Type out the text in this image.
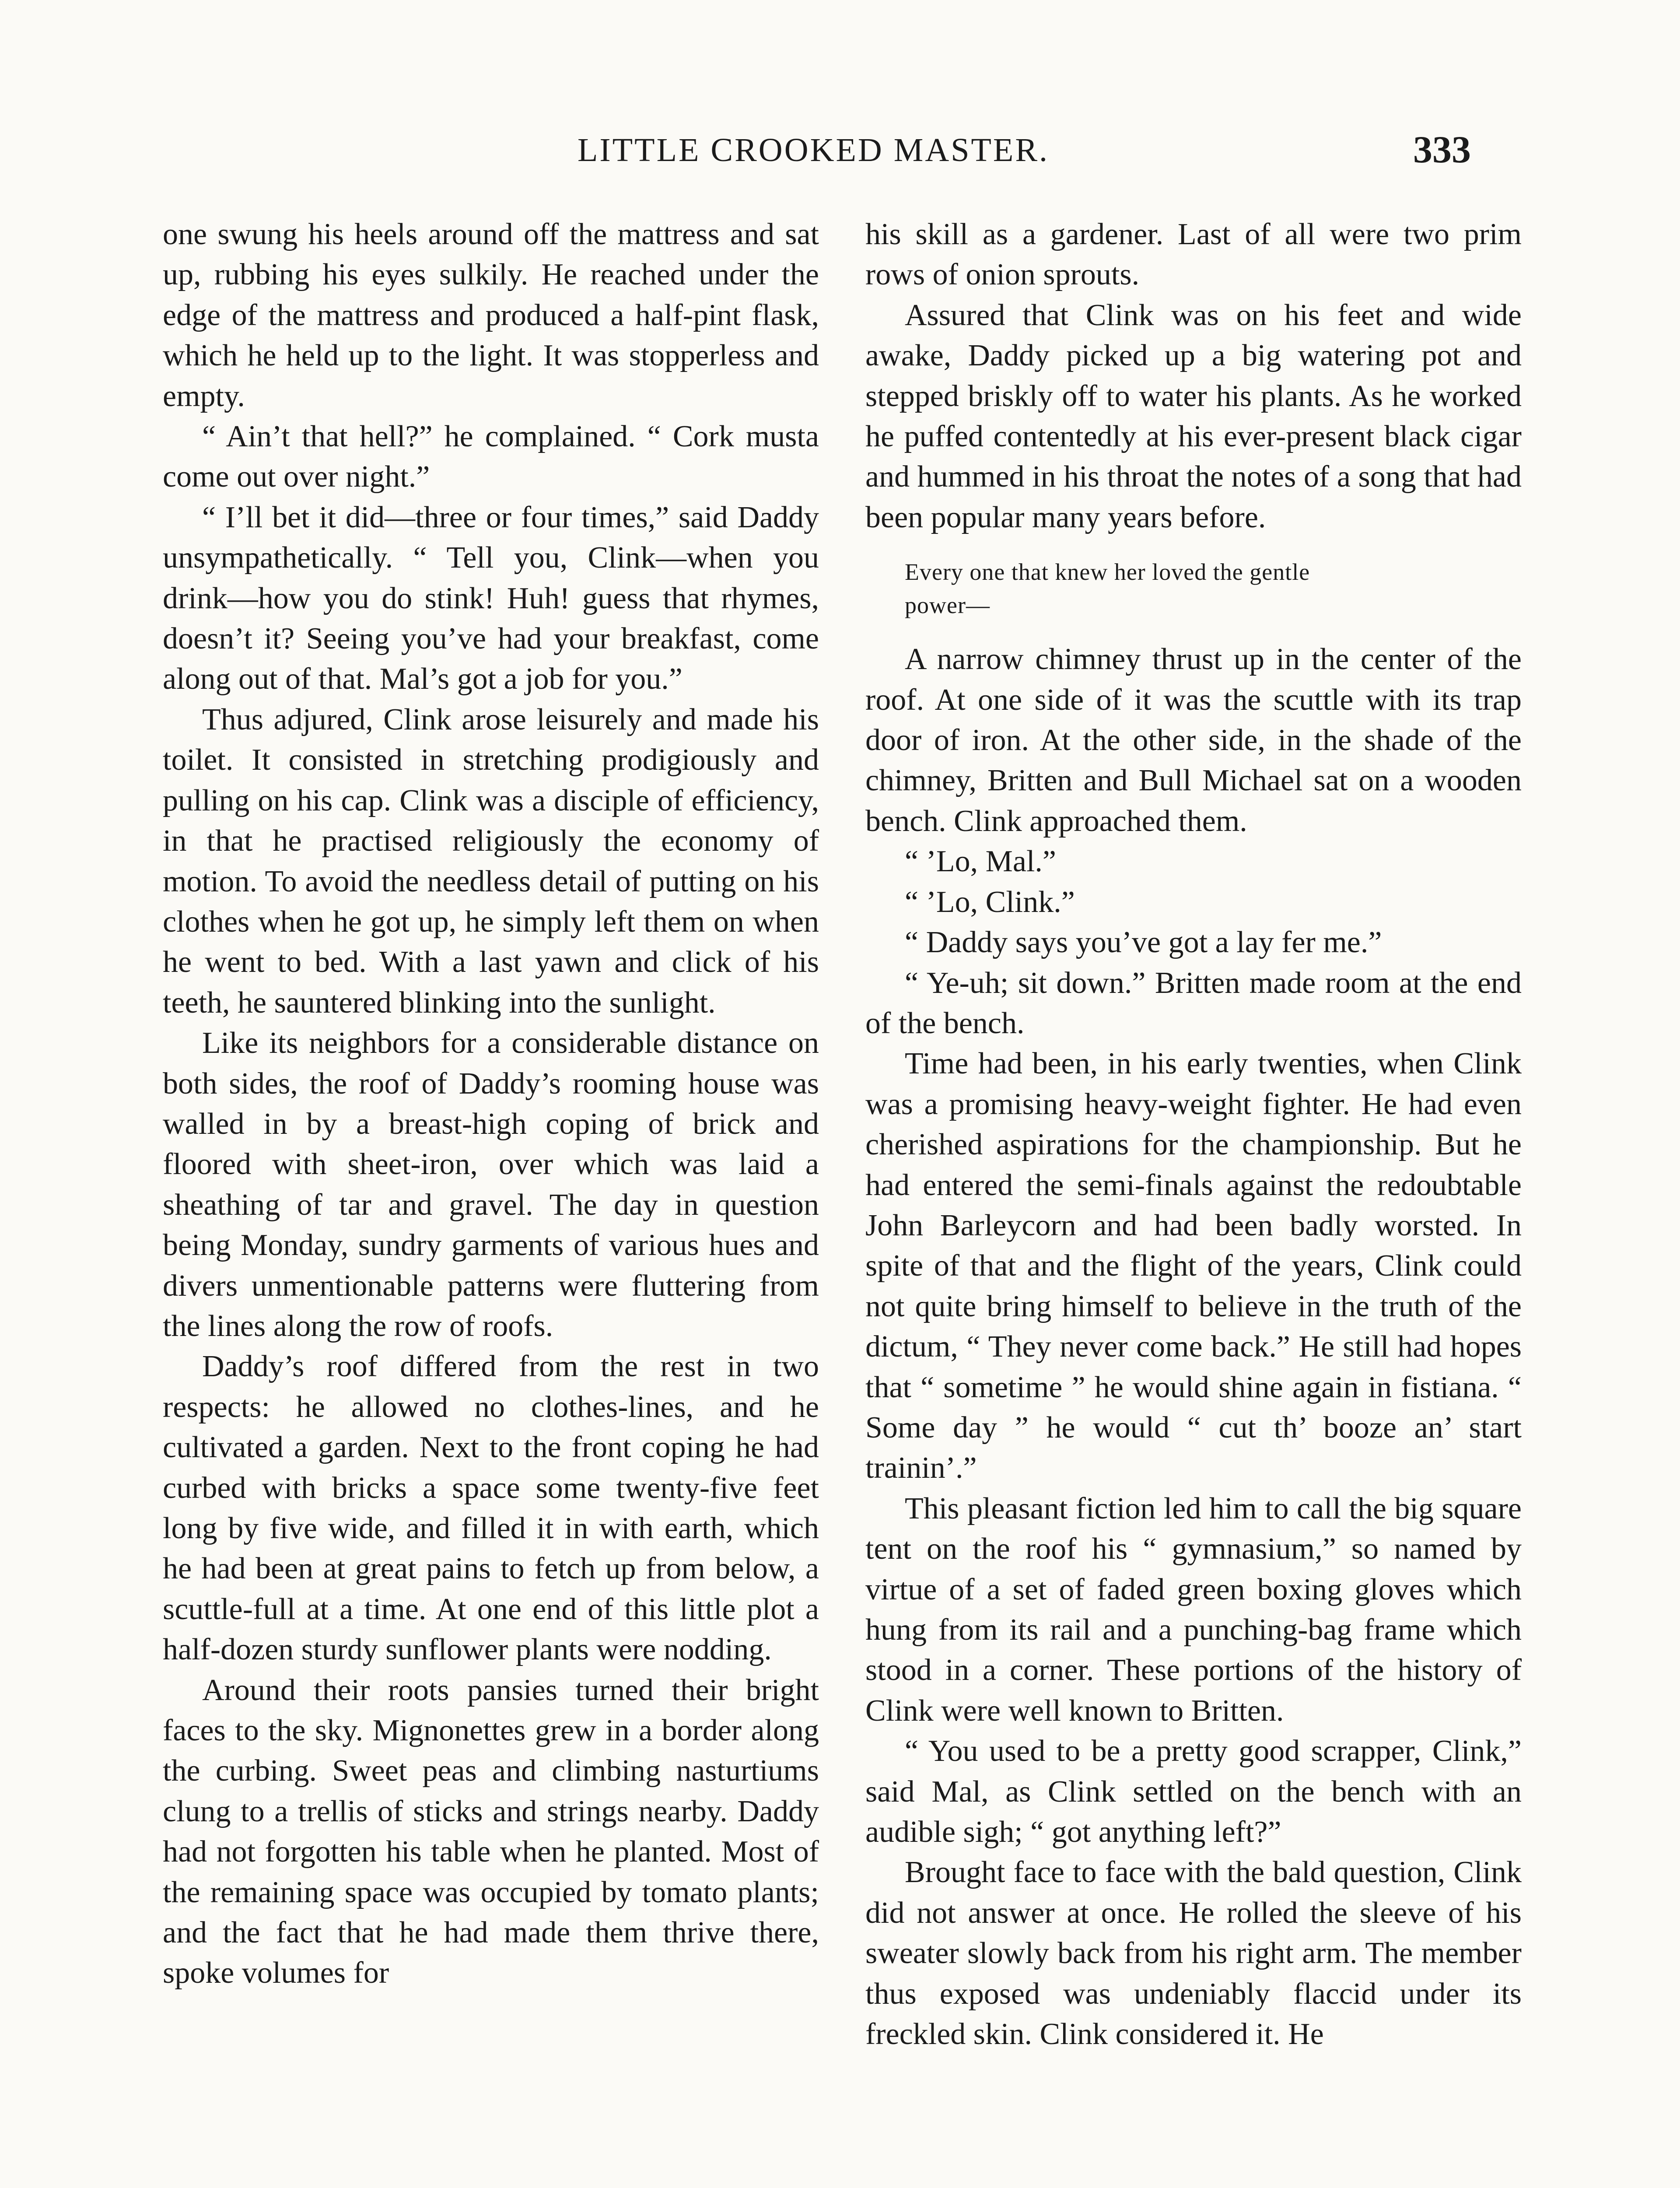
LITTLE CROOKED MASTER.	333

one swung his heels around off the mattress and sat up, rubbing his eyes sulkily. He reached under the edge of the mattress and produced a half-pint flask, which he held up to the light. It was stopperless and empty.

“ Ain’t that hell?” he complained. “ Cork musta come out over night.”

“ I’ll bet it did—three or four times,” said Daddy unsympathetically. “ Tell you, Clink—when you drink—how you do stink! Huh! guess that rhymes, doesn’t it? Seeing you’ve had your breakfast, come along out of that. Mal’s got a job for you.”

Thus adjured, Clink arose leisurely and made his toilet. It consisted in stretching prodigiously and pulling on his cap. Clink was a disciple of efficiency, in that he practised religiously the economy of motion. To avoid the needless detail of putting on his clothes when he got up, he simply left them on when he went to bed. With a last yawn and click of his teeth, he sauntered blinking into the sunlight.

Like its neighbors for a considerable distance on both sides, the roof of Daddy’s rooming house was walled in by a breast-high coping of brick and floored with sheet-iron, over which was laid a sheathing of tar and gravel. The day in question being Monday, sundry garments of various hues and divers unmentionable patterns were fluttering from the lines along the row of roofs.

Daddy’s roof differed from the rest in two respects: he allowed no clothes-lines, and he cultivated a garden. Next to the front coping he had curbed with bricks a space some twenty-five feet long by five wide, and filled it in with earth, which he had been at great pains to fetch up from below, a scuttle-full at a time. At one end of this little plot a half-dozen sturdy sunflower plants were nodding.

Around their roots pansies turned their bright faces to the sky. Mignonettes grew in a border along the curbing. Sweet peas and climbing nasturtiums clung to a trellis of sticks and strings nearby. Daddy had not forgotten his table when he planted. Most of the remaining space was occupied by tomato plants; and the fact that he had made them thrive there, spoke volumes for

his skill as a gardener. Last of all were two prim rows of onion sprouts.

Assured that Clink was on his feet and wide awake, Daddy picked up a big watering pot and stepped briskly off to water his plants. As he worked he puffed contentedly at his ever-present black cigar and hummed in his throat the notes of a song that had been popular many years before.

Every one that knew her loved the gentle
power—

A narrow chimney thrust up in the center of the roof. At one side of it was the scuttle with its trap door of iron. At the other side, in the shade of the chimney, Britten and Bull Michael sat on a wooden bench. Clink approached them.

“ ’Lo, Mal.”

“ ’Lo, Clink.”

“ Daddy says you’ve got a lay fer me.”

“ Ye-uh; sit down.” Britten made room at the end of the bench.

Time had been, in his early twenties, when Clink was a promising heavy-weight fighter. He had even cherished aspirations for the championship. But he had entered the semi-finals against the redoubtable John Barleycorn and had been badly worsted. In spite of that and the flight of the years, Clink could not quite bring himself to believe in the truth of the dictum, “ They never come back.” He still had hopes that “ sometime ” he would shine again in fistiana. “ Some day ” he would “ cut th’ booze an’ start trainin’.”

This pleasant fiction led him to call the big square tent on the roof his “ gymnasium,” so named by virtue of a set of faded green boxing gloves which hung from its rail and a punching-bag frame which stood in a corner. These portions of the history of Clink were well known to Britten.

“ You used to be a pretty good scrapper, Clink,” said Mal, as Clink settled on the bench with an audible sigh; “ got anything left?”

Brought face to face with the bald question, Clink did not answer at once. He rolled the sleeve of his sweater slowly back from his right arm. The member thus exposed was undeniably flaccid under its freckled skin. Clink considered it. He
